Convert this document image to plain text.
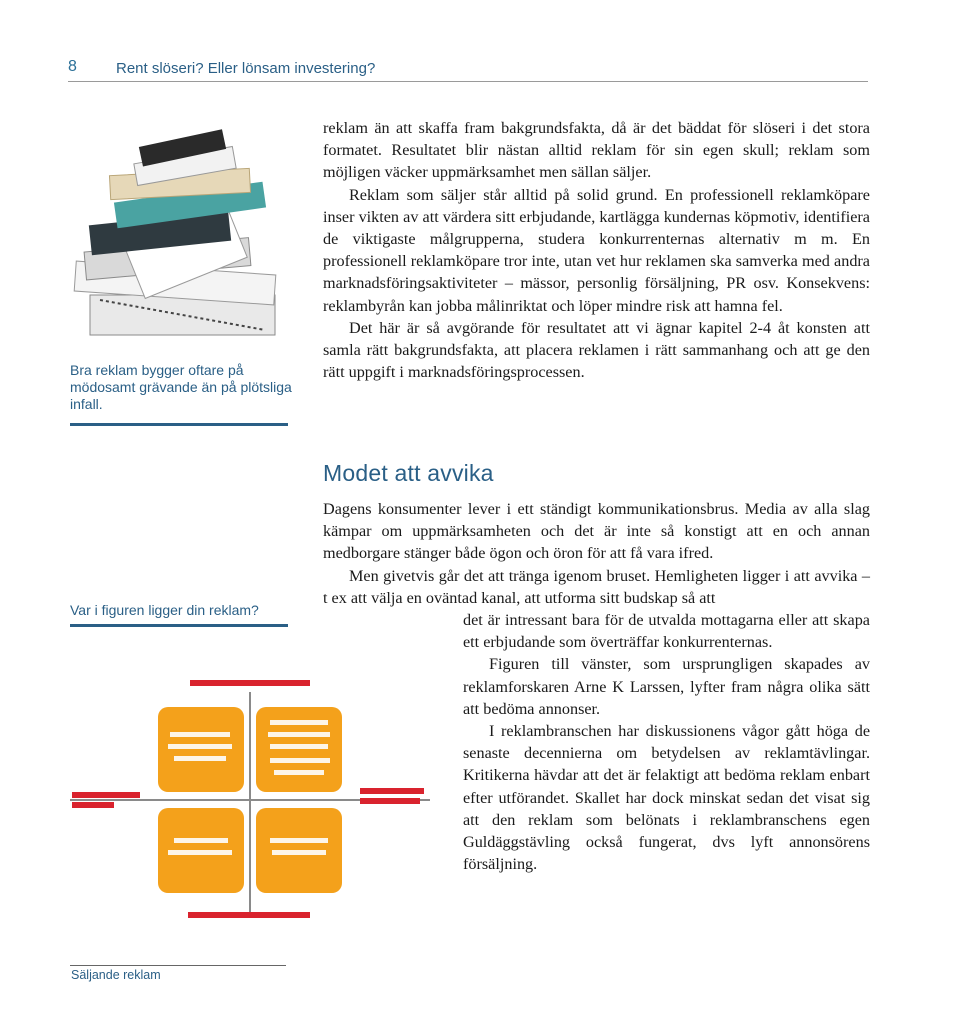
8	Rent slöseri? Eller lönsam investering?
Bra reklam bygger oftare på mödosamt grävande än på plötsliga infall.

reklam än att skaffa fram bakgrundsfakta, då är det bäddat för slöseri i det stora formatet. Resultatet blir nästan alltid reklam för sin egen skull; reklam som möjligen väcker uppmärksamhet men sällan säljer.

Reklam som säljer står alltid på solid grund. En professionell reklamköpare inser vikten av att värdera sitt erbjudande, kartlägga kundernas köpmotiv, identifiera de viktigaste målgrupperna, studera konkurrenternas alternativ m m. En professionell reklamköpare tror inte, utan vet hur reklamen ska samverka med andra marknadsföringsaktiviteter – mässor, personlig försäljning, PR osv. Konsekvens: reklambyrån kan jobba målinriktat och löper mindre risk att hamna fel.

Det här är så avgörande för resultatet att vi ägnar kapitel 2-4 åt konsten att samla rätt bakgrundsfakta, att placera reklamen i rätt sammanhang och att ge den rätt uppgift i marknadsföringsprocessen.

Modet att avvika

Dagens konsumenter lever i ett ständigt kommunikationsbrus. Media av alla slag kämpar om uppmärksamheten och det är inte så konstigt att en och annan medborgare stänger både ögon och öron för att få vara ifred.

Men givetvis går det att tränga igenom bruset. Hemligheten ligger i att avvika – t ex att välja en oväntad kanal, att utforma sitt budskap så att

det är intressant bara för de utvalda mottagarna eller att skapa ett erbjudande som överträffar konkurrenternas.

Figuren till vänster, som ursprungligen skapades av reklamforskaren Arne K Larssen, lyfter fram några olika sätt att bedöma annonser.

I reklambranschen har diskussionens vågor gått höga de senaste decennierna om betydelsen av reklamtävlingar. Kritikerna hävdar att det är felaktigt att bedöma reklam enbart efter utförandet. Skallet har dock minskat sedan det visat sig att den reklam som belönats i reklambranschens egen Guldäggstävling också fungerat, dvs lyft annonsörens försäljning.

Var i figuren ligger din reklam?
Säljande reklam
